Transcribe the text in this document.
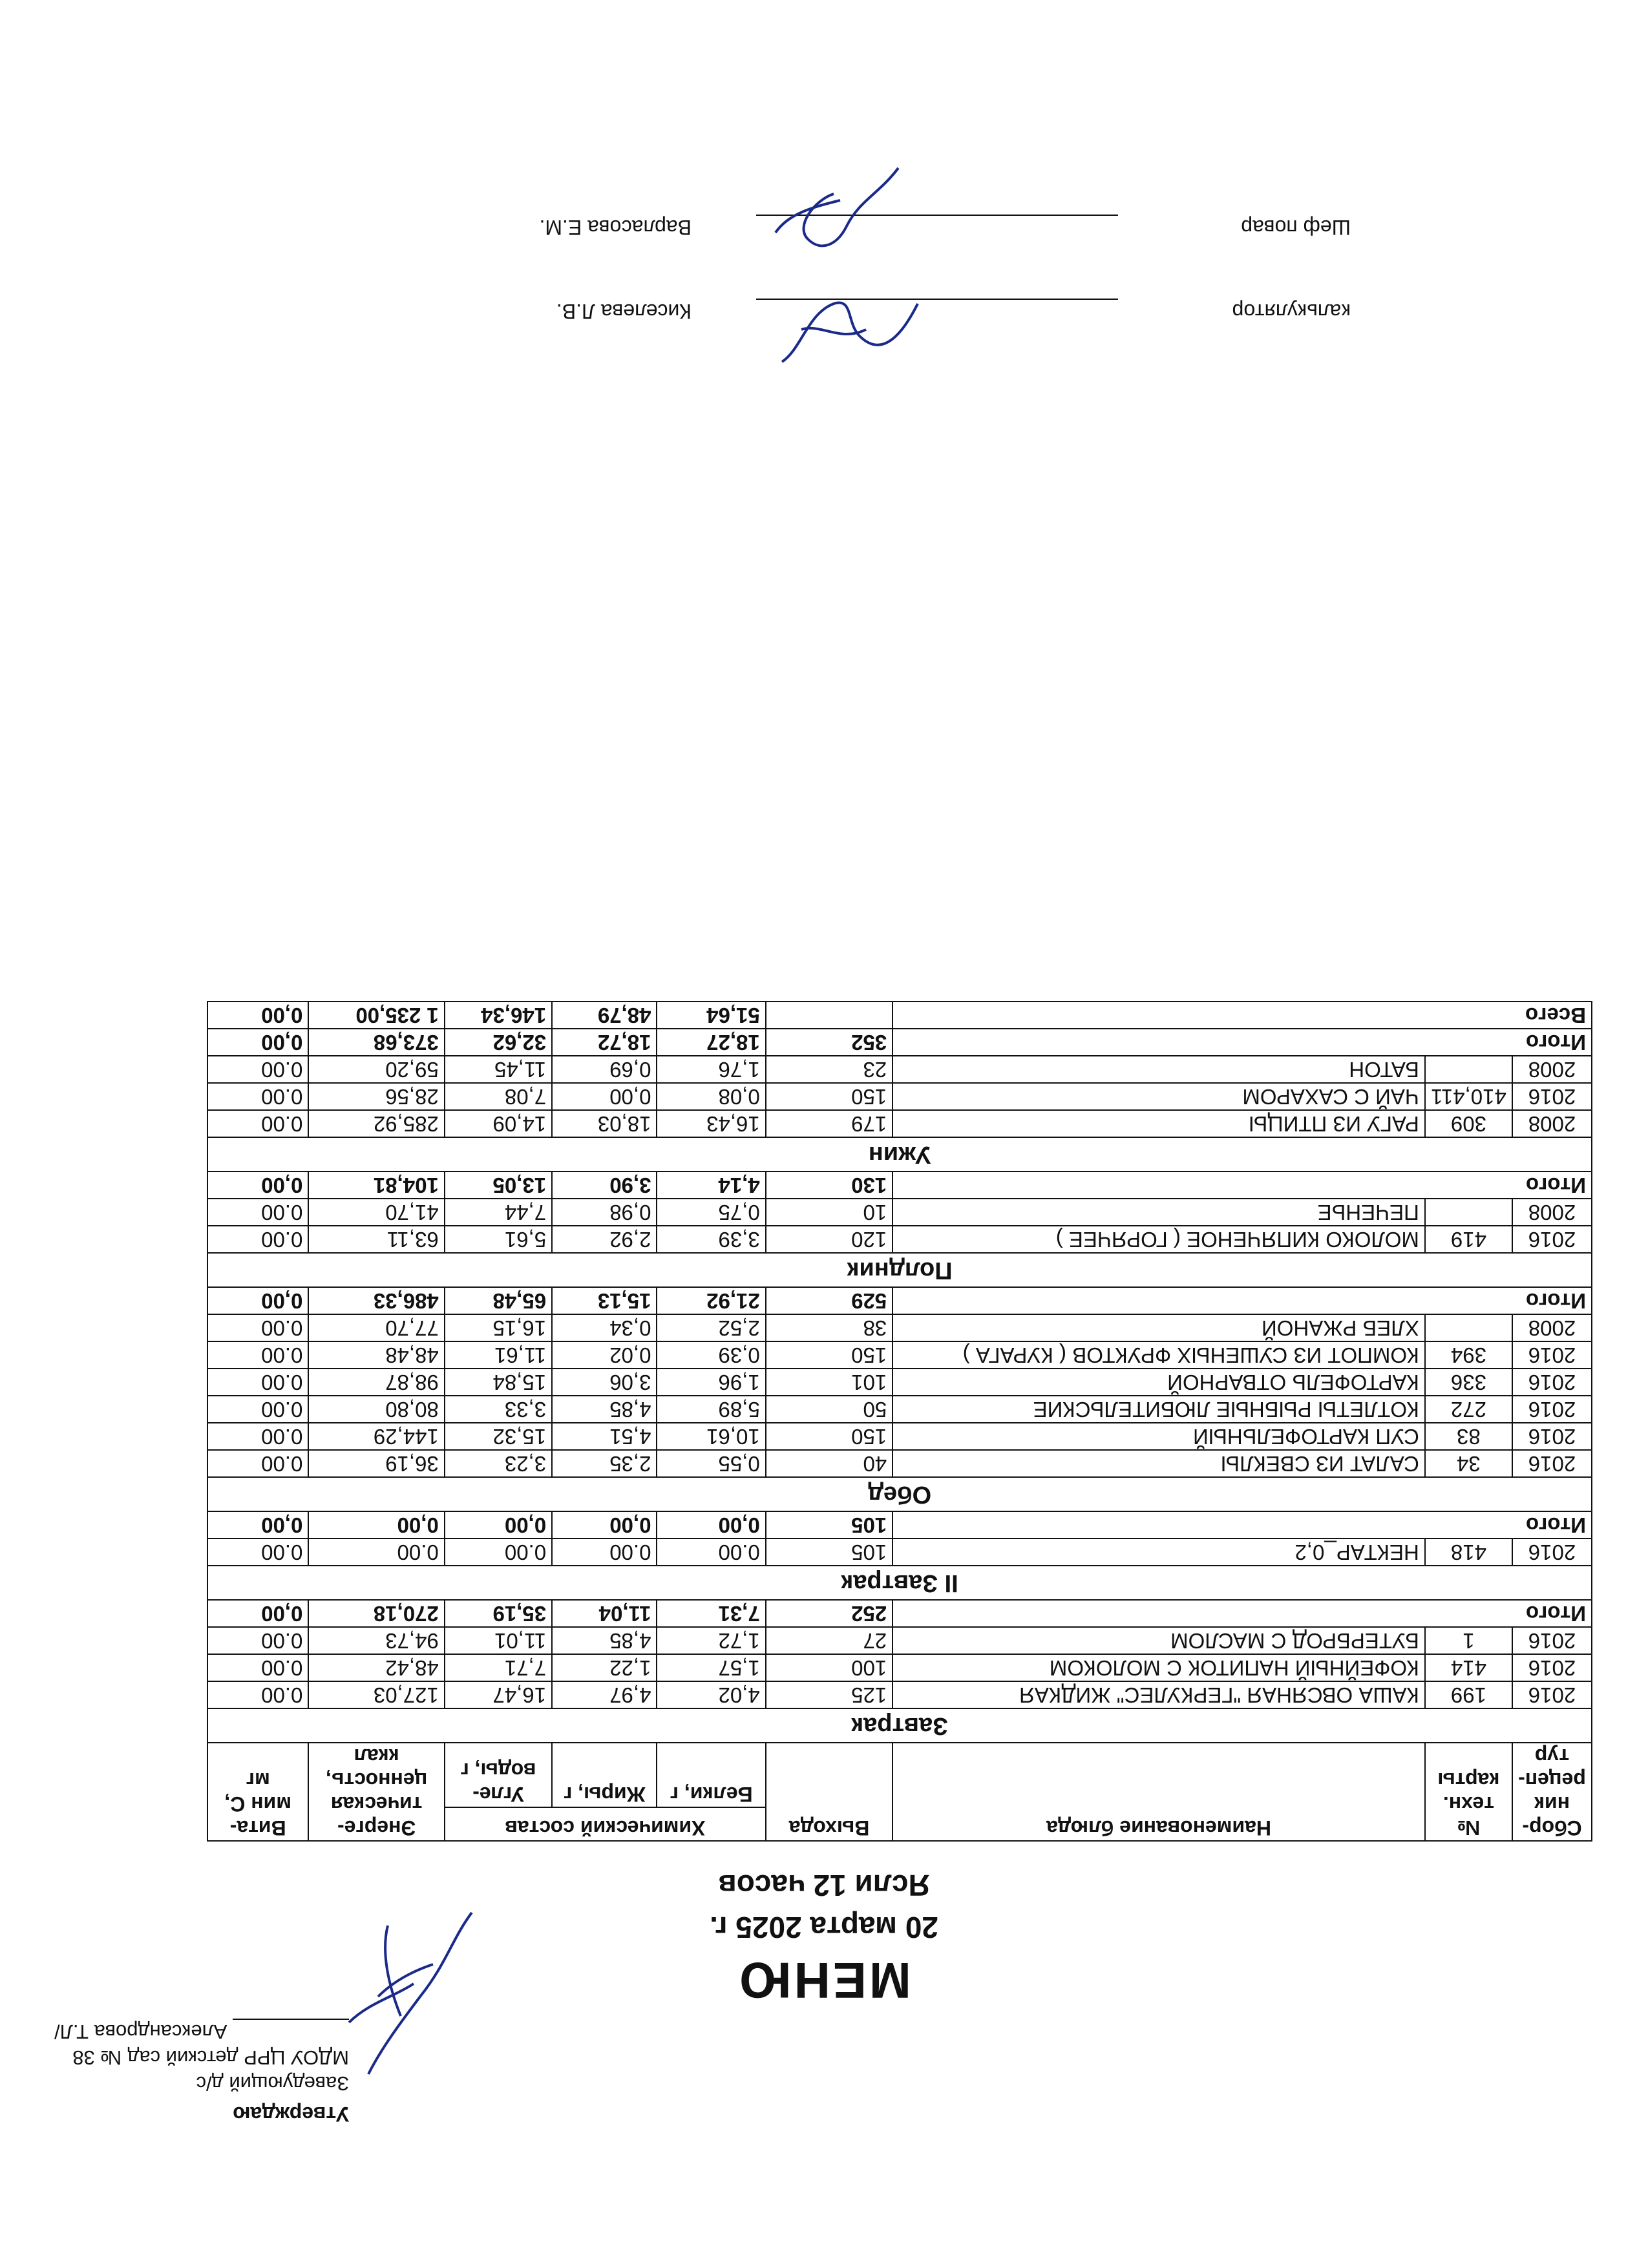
Утверждаю
Заведующий д/с
МДОУ ЦРР детский сад № 38
Александрова Т.Л/
МЕНЮ
20 марта 2025 г.
Ясли 12 часов
Сбор-ник рецеп-тур	№ техн. карты	Наименование блюда	Выхода	Химический состав			Энерге-тическая ценность, ккал	Вита-мин С, мг
				Белки, г	Жиры, г	Угле-воды, г		
Завтрак								
2016	199	КАША ОВСЯНАЯ "ГЕРКУЛЕС" ЖИДКАЯ	125	4,02	4,97	16,47	127,03	0.00
2016	414	КОФЕЙНЫЙ НАПИТОК С МОЛОКОМ	100	1,57	1,22	7,71	48,42	0.00
2016	1	БУТЕРБРОД С МАСЛОМ	27	1,72	4,85	11,01	94,73	0.00
Итого			252	7,31	11,04	35,19	270,18	0,00
II Завтрак								
2016	418	НЕКТАР_0,2	105	0.00	0.00	0.00	0.00	0.00
Итого			105	0,00	0,00	0,00	0,00	0,00
Обед								
2016	34	САЛАТ ИЗ СВЕКЛЫ	40	0,55	2,35	3,23	36,19	0.00
2016	83	СУП КАРТОФЕЛЬНЫЙ	150	10,61	4,51	15,32	144,29	0.00
2016	272	КОТЛЕТЫ РЫБНЫЕ ЛЮБИТЕЛЬСКИЕ	50	5,89	4,85	3,33	80,80	0.00
2016	336	КАРТОФЕЛЬ ОТВАРНОЙ	101	1,96	3,06	15,84	98,87	0.00
2016	394	КОМПОТ ИЗ СУШЕНЫХ ФРУКТОВ ( КУРАГА )	150	0,39	0,02	11,61	48,48	0.00
2008		ХЛЕБ РЖАНОЙ	38	2,52	0,34	16,15	77,70	0.00
Итого			529	21,92	15,13	65,48	486,33	0,00
Полдник								
2016	419	МОЛОКО КИПЯЧЕНОЕ ( ГОРЯЧЕЕ )	120	3,39	2,92	5,61	63,11	0.00
2008		ПЕЧЕНЬЕ	10	0,75	0,98	7,44	41,70	0.00
Итого			130	4,14	3,90	13,05	104,81	0,00
Ужин								
2008	309	РАГУ ИЗ ПТИЦЫ	179	16,43	18,03	14,09	285,92	0.00
2016	410,411	ЧАЙ С САХАРОМ	150	0,08	0,00	7,08	28,56	0.00
2008		БАТОН	23	1,76	0,69	11,45	59,20	0.00
Итого			352	18,27	18,72	32,62	373,68	0,00
Всего				51,64	48,79	146,34	1 235,00	0,00
калькулятор
Киселева Л.В.
Шеф повар
Варласова Е.М.
